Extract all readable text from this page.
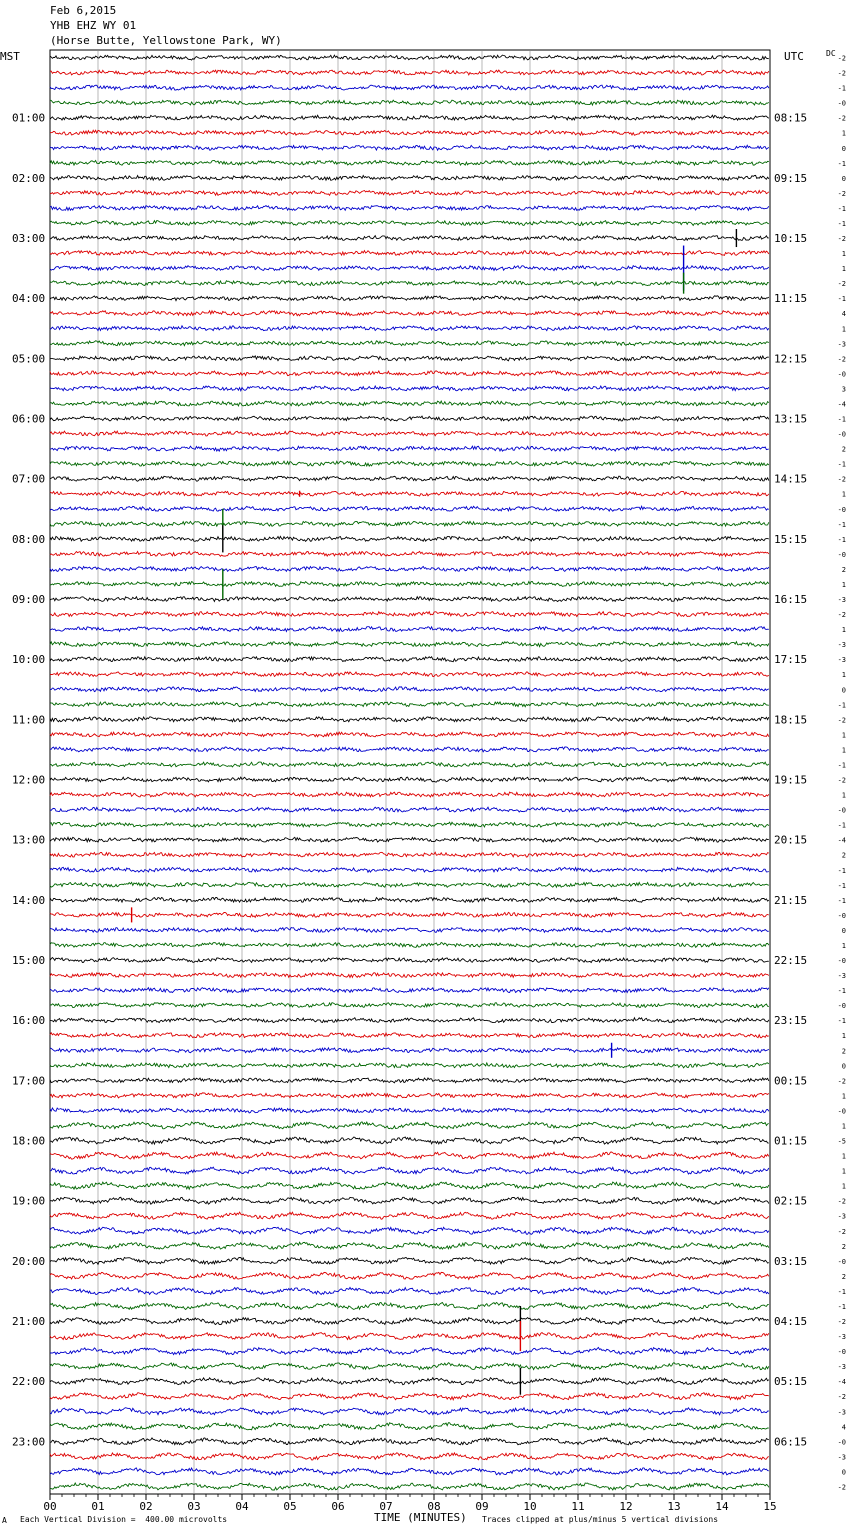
Feb 6,2015
YHB EHZ WY 01
(Horse Butte, Yellowstone Park, WY)
MST	UTC	DC
00	01	02	03	04	05	06	07	08	09	10	11	12	13	14	15
-2
-2
-1
-0
-2
1
0
-1
0
-2
-1
-1
-2
1
1
-2
-1
4
1
-3
-2
-0
3
-4
-1
-0
2
-1
-2
1
-0
-1
-1
-0
2
1
-3
-2
1
-3
-3
1
0
-1
-2
1
1
-1
-2
1
-0
-1
-4
2
-1
-1
-1
-0
0
1
-0
-3
-1
-0
-1
1
2
0
-2
1
-0
1
-5
1
1
1
-2
-3
-2
2
-0
2
-1
-1
-2
-3
-0
-3
-4
-2
-3
4
-0
-3
0
-2
01:00	08:15
02:00	09:15
03:00	10:15
04:00	11:15
05:00	12:15
06:00	13:15
07:00	14:15
08:00	15:15
09:00	16:15
10:00	17:15
11:00	18:15
12:00	19:15
13:00	20:15
14:00	21:15
15:00	22:15
16:00	23:15
17:00	00:15
18:00	01:15
19:00	02:15
20:00	03:15
21:00	04:15
22:00	05:15
23:00	06:15
A Each Vertical Division =  400.00 microvolts	TIME (MINUTES) Traces clipped at plus/minus 5 vertical divisions
